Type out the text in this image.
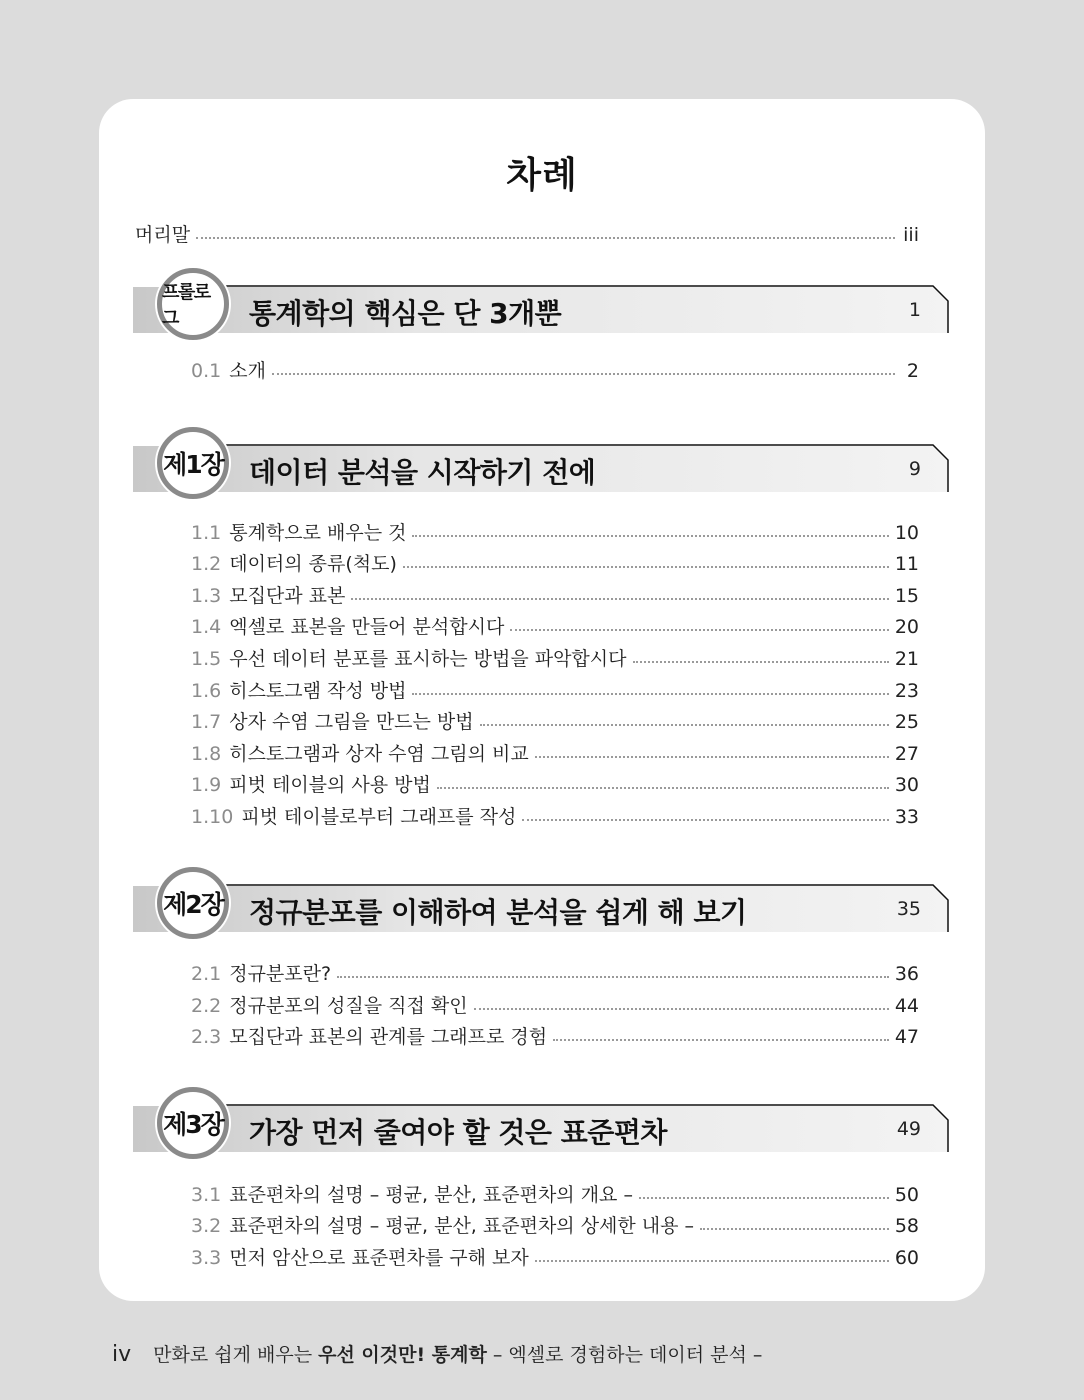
차례
머리말	iii
프롤로그	통계학의 핵심은 단 3개뿐	1
0.1 소개	2
제1장 데이터 분석을 시작하기 전에	9
1.1 통계학으로 배우는 것	10
1.2 데이터의 종류(척도)	11
1.3 모집단과 표본	15
1.4 엑셀로 표본을 만들어 분석합시다	20
1.5 우선 데이터 분포를 표시하는 방법을 파악합시다	21
1.6 히스토그램 작성 방법	23
1.7 상자 수염 그림을 만드는 방법	25
1.8 히스토그램과 상자 수염 그림의 비교	27
1.9 피벗 테이블의 사용 방법	30
1.10 피벗 테이블로부터 그래프를 작성	33
제2장 정규분포를 이해하여 분석을 쉽게 해 보기	35
2.1 정규분포란?	36
2.2 정규분포의 성질을 직접 확인	44
2.3 모집단과 표본의 관계를 그래프로 경험	47
제3장 가장 먼저 줄여야 할 것은 표준편차	49
3.1 표준편차의 설명 – 평균, 분산, 표준편차의 개요 –	50
3.2 표준편차의 설명 – 평균, 분산, 표준편차의 상세한 내용 –	58
3.3 먼저 암산으로 표준편차를 구해 보자	60
iv 만화로 쉽게 배우는 우선 이것만! 통계학 – 엑셀로 경험하는 데이터 분석 –
